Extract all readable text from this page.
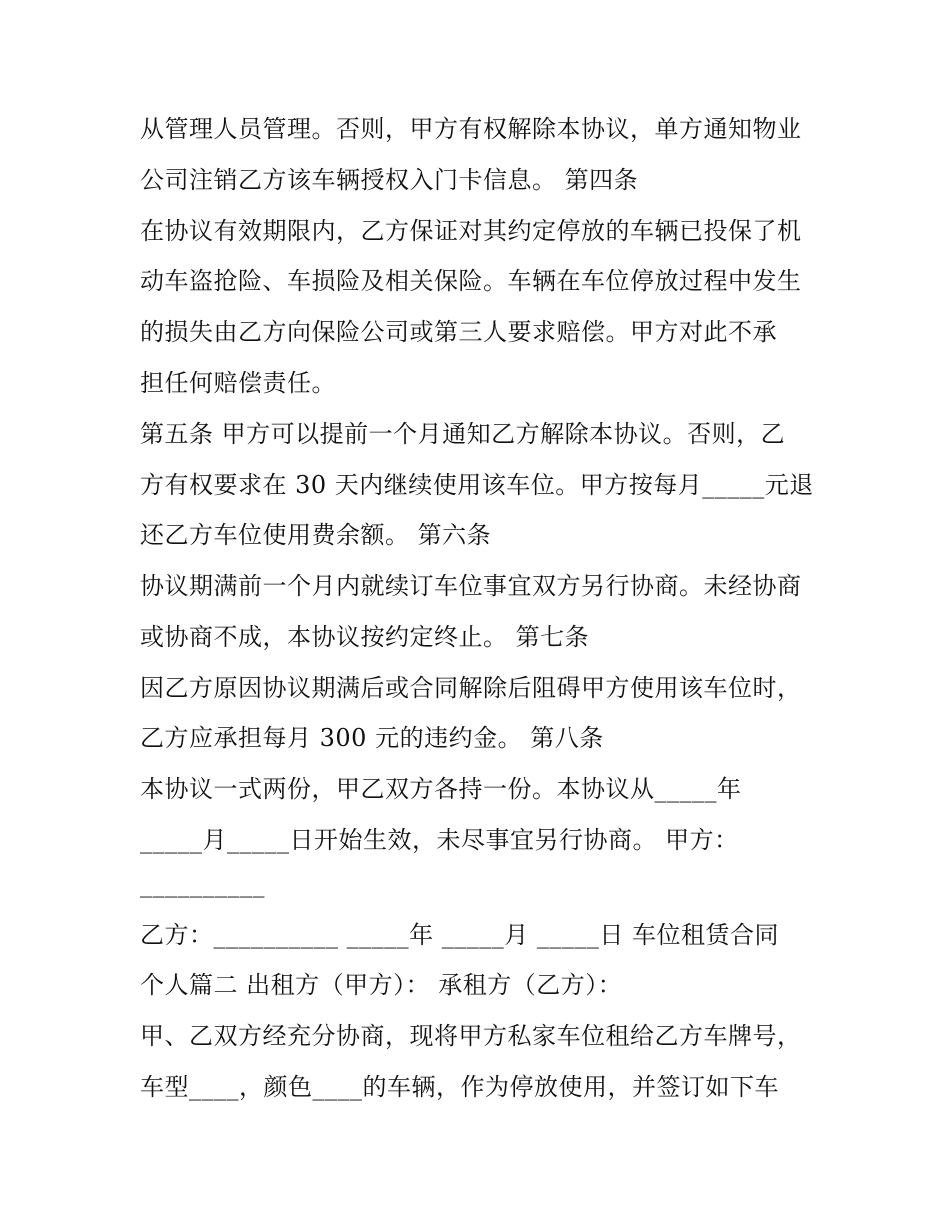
从管理人员管理。否则，甲方有权解除本协议，单方通知物业
公司注销乙方该车辆授权入门卡信息。 第四条
在协议有效期限内，乙方保证对其约定停放的车辆已投保了机
动车盗抢险、车损险及相关保险。车辆在车位停放过程中发生
的损失由乙方向保险公司或第三人要求赔偿。甲方对此不承
担任何赔偿责任。
第五条 甲方可以提前一个月通知乙方解除本协议。否则，乙
方有权要求在 30 天内继续使用该车位。甲方按每月_____元退
还乙方车位使用费余额。 第六条
协议期满前一个月内就续订车位事宜双方另行协商。未经协商
或协商不成，本协议按约定终止。 第七条
因乙方原因协议期满后或合同解除后阻碍甲方使用该车位时，
乙方应承担每月 300 元的违约金。 第八条
本协议一式两份，甲乙双方各持一份。本协议从_____年
_____月_____日开始生效，未尽事宜另行协商。 甲方：
__________
乙方：__________ _____年 _____月 _____日 车位租赁合同
个人篇二 出租方（甲方）： 承租方（乙方）：
甲、乙双方经充分协商，现将甲方私家车位租给乙方车牌号，
车型____，颜色____的车辆，作为停放使用，并签订如下车
